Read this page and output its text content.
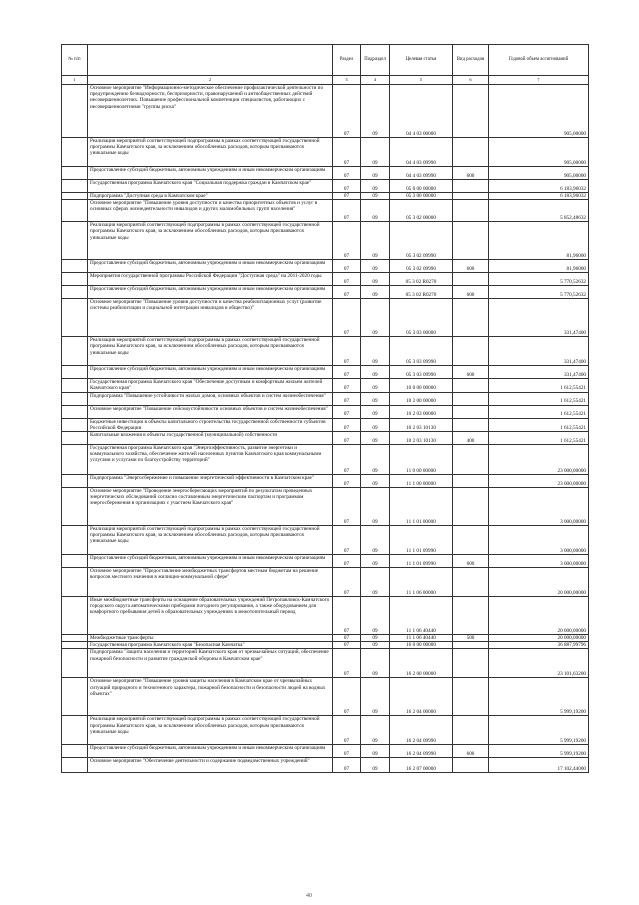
№ п/п		Раздел	Подраздел	Целевая статья	Вид расходов	Годовой объем ассигнований
1	2	3	4	5	6	7
	Основное мероприятие "Информационно-методическое обеспечение профилактической деятельности по предупреждению безнадзорности, беспризорности, правонарушений и антиобщественных действий несовершеннолетних. Повышение профессиональной компетенции специалистов, работающих с несовершеннолетними "группы риска"	07	09	04 4 03 00000		905,00000
	Реализация мероприятий соответствующей подпрограммы в рамках соответствующей государственной программы Камчатского края, за исключением обособленных расходов, которым присваиваются уникальные коды	07	09	04 4 03 09990		905,00000
	Предоставление субсидий бюджетным, автономным учреждениям и иным некоммерческим организациям	07	09	04 4 03 09990	600	905,00000
	Государственная программа Камчатского края "Социальная поддержка граждан в Камчатском крае"	07	09	05 0 00 00000		6 183,96032
	Подпрограмма "Доступная среда в Камчатском крае"	07	09	05 3 00 00000		6 183,96032
	Основное мероприятие "Повышение уровня доступности и качества приоритетных объектов и услуг в основных сферах жизнедеятельности инвалидов и других маломобильных групп населения"	07	09	05 3 02 00000		5 852,48632
	Реализация мероприятий соответствующей подпрограммы в рамках соответствующей государственной программы Камчатского края, за исключением обособленных расходов, которым присваиваются уникальные коды	07	09	05 3 02 09990		81,96000
	Предоставление субсидий бюджетным, автономным учреждениям и иным некоммерческим организациям	07	09	05 3 02 09990	600	81,96000
	Мероприятия государственной программы Российской Федерации "Доступная среда" на 2011-2020 годы	07	09	05 3 02 R0270		5 770,52632
	Предоставление субсидий бюджетным, автономным учреждениям и иным некоммерческим организациям	07	09	05 3 02 R0270	600	5 770,52632
	Основное мероприятие "Повышение уровня доступности и качества реабилитационных услуг (развитие системы реабилитации и социальной интеграции инвалидов в общество)"	07	09	05 3 03 00000		331,47400
	Реализация мероприятий соответствующей подпрограммы в рамках соответствующей государственной программы Камчатского края, за исключением обособленных расходов, которым присваиваются уникальные коды	07	09	05 3 03 09990		331,47400
	Предоставление субсидий бюджетным, автономным учреждениям и иным некоммерческим организациям	07	09	05 3 03 09990	600	331,47400
	Государственная программа Камчатского края "Обеспечение доступным и комфортным жильем жителей Камчатского края"	07	09	10 0 00 00000		1 612,55421
	Подпрограмма "Повышение устойчивости жилых домов, основных объектов и систем жизнеобеспечения"	07	09	10 2 00 00000		1 612,55421
	Основное мероприятие "Повышение сейсмоустойчивости основных объектов и систем жизнеобеспечения"	07	09	10 2 03 00000		1 612,55421
	Бюджетные инвестиции в объекты капитального строительства государственной собственности субъектов Российской Федерации	07	09	10 2 03 10130		1 612,55421
	Капитальные вложения в объекты государственной (муниципальной) собственности	07	09	10 2 03 10130	400	1 612,55421
	Государственная программа Камчатского края "Энергоэффективность, развитие энергетики и коммунального хозяйства, обеспечение жителей населенных пунктов Камчатского края коммунальными услугами и услугами по благоустройству территорий"	07	09	11 0 00 00000		23 000,00000
	Подпрограмма "Энергосбережение и повышение энергетической эффективности в Камчатском крае"	07	09	11 1 00 00000		23 000,00000
	Основное мероприятие "Проведение энергосберегающих мероприятий по результатам проведенных энергетических обследований согласно составленным энергетическим паспортам и программам энергосбережения в организациях с участием Камчатского края"	07	09	11 1 01 00000		3 000,00000
	Реализация мероприятий соответствующей подпрограммы в рамках соответствующей государственной программы Камчатского края, за исключением обособленных расходов, которым присваиваются уникальные коды	07	09	11 1 01 09990		3 000,00000
	Предоставление субсидий бюджетным, автономным учреждениям и иным некоммерческим организациям	07	09	11 1 01 09990	600	3 000,00000
	Основное мероприятие "Предоставление межбюджетных трансфертов местным бюджетам на решение вопросов местного значения в жилищно-коммунальной сфере"	07	09	11 1 06 00000		20 000,00000
	Иные межбюджетные трансферты на оснащение образовательных учреждений Петропавловск-Камчатского городского округа автоматическими приборами погодного регулирования, а также оборудованием для комфортного пребывания детей в образовательных учреждениях в межотопительный период	07	09	11 1 06 40440		20 000,00000
	Межбюджетные трансферты	07	09	11 1 06 40440	500	20 000,00000
	Государственная программа Камчатского края "Безопасная Камчатка"	07	09	16 0 00 00000		36 887,99796
	Подпрограмма "Защита населения и территорий Камчатского края от чрезвычайных ситуаций, обеспечение пожарной безопасности и развитие гражданской обороны в Камчатском крае"	07	09	16 2 00 00000		23 101,63200
	Основное мероприятие "Повышение уровня защиты населения в Камчатском крае от чрезвычайных ситуаций природного и техногенного характера, пожарной безопасности и безопасности людей на водных объектах"	07	09	16 2 04 00000		5 999,19200
	Реализация мероприятий соответствующей подпрограммы в рамках соответствующей государственной программы Камчатского края, за исключением обособленных расходов, которым присваиваются уникальные коды	07	09	16 2 04 09990		5 999,19200
	Предоставление субсидий бюджетным, автономным учреждениям и иным некоммерческим организациям	07	09	16 2 04 09990	600	5 999,19200
	Основное мероприятие "Обеспечение деятельности и содержание подведомственных учреждений"	07	09	16 2 07 00000		17 102,44000
40
